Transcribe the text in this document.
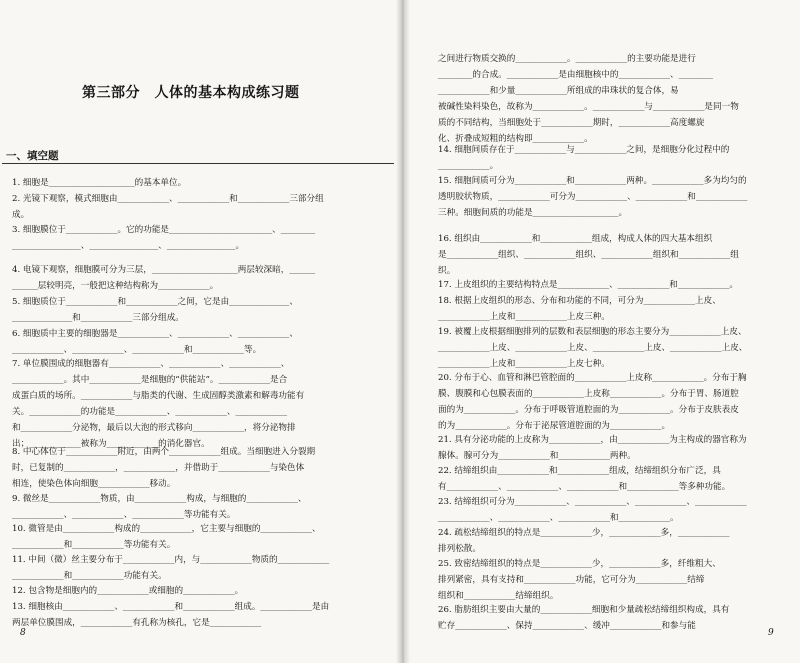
第三部分　人体的基本构成练习题
一、填空题
1. 细胞是____________________的基本单位。
2. 光镜下观察，模式细胞由____________、____________和____________三部分组
成。
3. 细胞膜位于____________。它的功能是________________________、________
________________、________________、________________。
4. 电镜下观察，细胞膜可分为三层，____________________两层较深暗，______
______层较明亮，一般把这种结构称为____________。
5. 细胞质位于____________和____________之间，它是由______________、
______________和____________三部分组成。
6. 细胞质中主要的细胞器是____________、____________、____________、
____________、____________、____________和____________等。
7. 单位膜围成的细胞器有____________、____________、____________、
____________。其中____________是细胞的“供能站”。____________是合
成蛋白质的场所。____________与脂类的代谢、生成固醇类激素和解毒功能有
关。____________的功能是____________、____________、____________
和____________分泌物，最后以大泡的形式移向____________，将分泌物排
出；____________被称为____________的消化器官。
8. 中心体位于____________附近，由两个____________组成。当细胞进入分裂期
时，已复制的____________，____________，并借助于____________与染色体
相连，使染色体向细胞____________移动。
9. 微丝是____________物质，由____________构成，与细胞的____________、
____________、____________、____________等功能有关。
10. 微管是由____________构成的____________，它主要与细胞的____________、
____________和____________等功能有关。
11. 中间（微）丝主要分布于____________内，与____________物质的____________
____________和____________功能有关。
12. 包含物是细胞内的____________或细胞的____________。
13. 细胞核由____________、____________和____________组成。____________是由
两层单位膜围成，____________有孔称为核孔，它是____________
8
之间进行物质交换的____________。____________的主要功能是进行
________的合成。____________是由细胞核中的____________、________
____________和少量____________所组成的串珠状的复合体，易
被碱性染料染色，故称为____________。____________与____________是同一物
质的不同结构，当细胞处于____________期时，____________高度螺旋
化、折叠成短粗的结构即____________。
14. 细胞间质存在于____________与____________之间，是细胞分化过程中的
____________。
15. 细胞间质可分为____________和____________两种。____________多为均匀的
透明胶状物质，____________可分为____________、____________和____________
三种。细胞间质的功能是____________________。
16. 组织由____________和____________组成，构成人体的四大基本组织
是____________组织、____________组织、____________组织和____________组
织。
17. 上皮组织的主要结构特点是____________、____________和____________。
18. 根据上皮组织的形态、分布和功能的不同，可分为____________上皮、
____________上皮和____________上皮三种。
19. 被覆上皮根据细胞排列的层数和表层细胞的形态主要分为____________上皮、
____________上皮、____________上皮、____________上皮、____________上皮、
____________上皮和____________上皮七种。
20. 分布于心、血管和淋巴管腔面的____________上皮称____________。分布于胸
膜、腹膜和心包膜表面的____________上皮称____________。分布于胃、肠道腔
面的为____________。分布于呼吸管道腔面的为____________。分布于皮肤表皮
的为____________。分布于泌尿管道腔面的为____________。
21. 具有分泌功能的上皮称为____________，由____________为主构成的器官称为
腺体。腺可分为____________和____________两种。
22. 结缔组织由____________和____________组成，结缔组织分布广泛，具
有____________、____________、____________和____________等多种功能。
23. 结缔组织可分为____________、____________、____________、____________
____________、____________、____________和____________。
24. 疏松结缔组织的特点是____________少，____________多，____________
排列松散。
25. 致密结缔组织的特点是____________少，____________多，纤维粗大、
排列紧密，具有支持和____________功能，它可分为____________结缔
组织和____________结缔组织。
26. 脂肪组织主要由大量的____________细胞和少量疏松结缔组织构成，具有
贮存____________、保持____________、缓冲____________和参与能
9
